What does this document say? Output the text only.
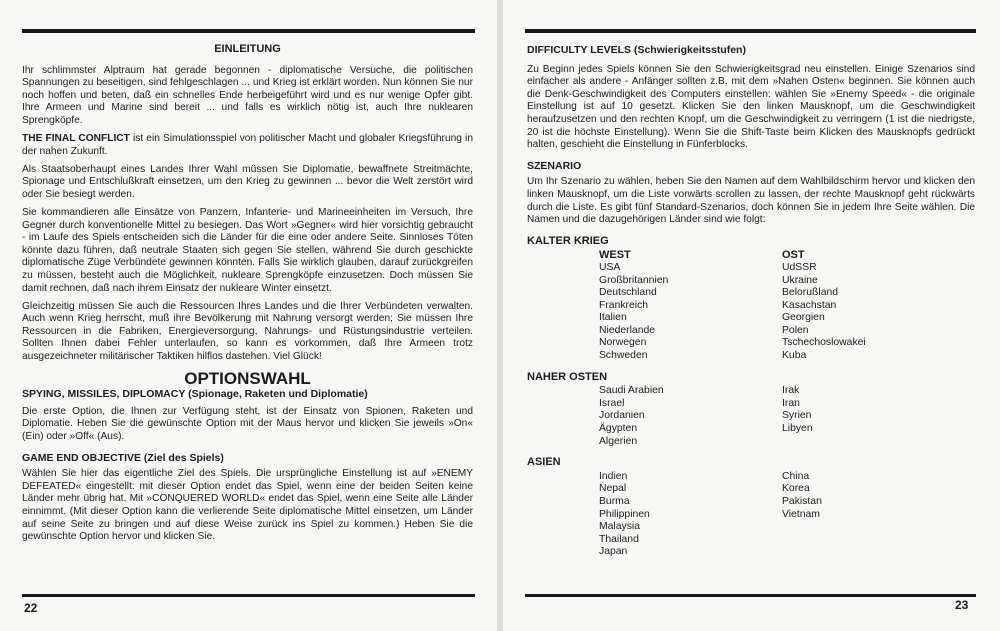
EINLEITUNG

Ihr schlimmster Alptraum hat gerade begonnen - diplomatische Versuche, die politischen Spannungen zu beseitigen, sind fehlgeschlagen ... und Krieg ist erklärt worden. Nun können Sie nur noch hoffen und beten, daß ein schnelles Ende herbeigeführt wird und es nur wenige Opfer gibt. Ihre Armeen und Marine sind bereit ... und falls es wirklich nötig ist, auch Ihre nuklearen Sprengköpfe.

THE FINAL CONFLICT ist ein Simulationsspiel von politischer Macht und globaler Kriegsführung in der nahen Zukunft.

Als Staatsoberhaupt eines Landes Ihrer Wahl müssen Sie Diplomatie, bewaffnete Streitmächte, Spionage und Entschlußkraft einsetzen, um den Krieg zu gewinnen ... bevor die Welt zerstört wird oder Sie besiegt werden.

Sie kommandieren alle Einsätze von Panzern, Infanterie- und Marineeinheiten im Versuch, Ihre Gegner durch konventionelle Mittel zu besiegen. Das Wort »Gegner« wird hier vorsichtig gebraucht - im Laufe des Spiels entscheiden sich die Länder für die eine oder andere Seite. Sinnloses Töten könnte dazu führen, daß neutrale Staaten sich gegen Sie stellen, während Sie durch geschickte diplomatische Züge Verbündete gewinnen könnten. Falls Sie wirklich glauben, darauf zurückgreifen zu müssen, besteht auch die Möglichkeit, nukleare Sprengköpfe einzusetzen. Doch müssen Sie damit rechnen, daß nach ihrem Einsatz der nukleare Winter einsetzt.

Gleichzeitig müssen Sie auch die Ressourcen Ihres Landes und die Ihrer Verbündeten verwalten. Auch wenn Krieg herrscht, muß ihre Bevölkerung mit Nahrung versorgt werden; Sie müssen Ihre Ressourcen in die Fabriken, Energieversorgung, Nahrungs- und Rüstungsindustrie verteilen. Sollten Ihnen dabei Fehler unterlaufen, so kann es vorkommen, daß Ihre Armeen trotz ausgezeichneter militärischer Taktiken hilflos dastehen. Viel Glück!

OPTIONSWAHL
SPYING, MISSILES, DIPLOMACY (Spionage, Raketen und Diplomatie)

Die erste Option, die Ihnen zur Verfügung steht, ist der Einsatz von Spionen, Raketen und Diplomatie. Heben Sie die gewünschte Option mit der Maus hervor und klicken Sie jeweils »On« (Ein) oder »Off« (Aus).

GAME END OBJECTIVE (Ziel des Spiels)

Wählen Sie hier das eigentliche Ziel des Spiels. Die ursprüngliche Einstellung ist auf »ENEMY DEFEATED« eingestellt: mit dieser Option endet das Spiel, wenn eine der beiden Seiten keine Länder mehr übrig hat. Mit »CONQUERED WORLD« endet das Spiel, wenn eine Seite alle Länder einnimmt. (Mit dieser Option kann die verlierende Seite diplomatische Mittel einsetzen, um Länder auf seine Seite zu bringen und auf diese Weise zurück ins Spiel zu kommen.) Heben Sie die gewünschte Option hervor und klicken Sie.

22
DIFFICULTY LEVELS (Schwierigkeitsstufen)

Zu Beginn jedes Spiels können Sie den Schwierigkeitsgrad neu einstellen. Einige Szenarios sind einfacher als andere - Anfänger sollten z.B. mit dem »Nahen Osten« beginnen. Sie können auch die Denk-Geschwindigkeit des Computers einstellen: wählen Sie »Enemy Speed« - die originale Einstellung ist auf 10 gesetzt. Klicken Sie den linken Mausknopf, um die Geschwindigkeit heraufzusetzen und den rechten Knopf, um die Geschwindigkeit zu verringern (1 ist die niedrigste, 20 ist die höchste Einstellung). Wenn Sie die Shift-Taste beim Klicken des Mausknopfs gedrückt halten, geschieht die Einstellung in Fünferblocks.

SZENARIO

Um Ihr Szenario zu wählen, heben Sie den Namen auf dem Wahlbildschirm hervor und klicken den linken Mausknopf, um die Liste vorwärts scrollen zu lassen, der rechte Mausknopf geht rückwärts durch die Liste. Es gibt fünf Standard-Szenarios, doch können Sie in jedem Ihre Seite wählen. Die Namen und die dazugehörigen Länder sind wie folgt:

KALTER KRIEG
WEST
USA
Großbritannien
Deutschland
Frankreich
Italien
Niederlande
Norwegen
Schweden
OST
UdSSR
Ukraine
Belorußland
Kasachstan
Georgien
Polen
Tschechoslowakei
Kuba
NAHER OSTEN
Saudi Arabien
Israel
Jordanien
Ägypten
Algerien
Irak
Iran
Syrien
Libyen
ASIEN
Indien
Nepal
Burma
Philippinen
Malaysia
Thailand
Japan
China
Korea
Pakistan
Vietnam
23
